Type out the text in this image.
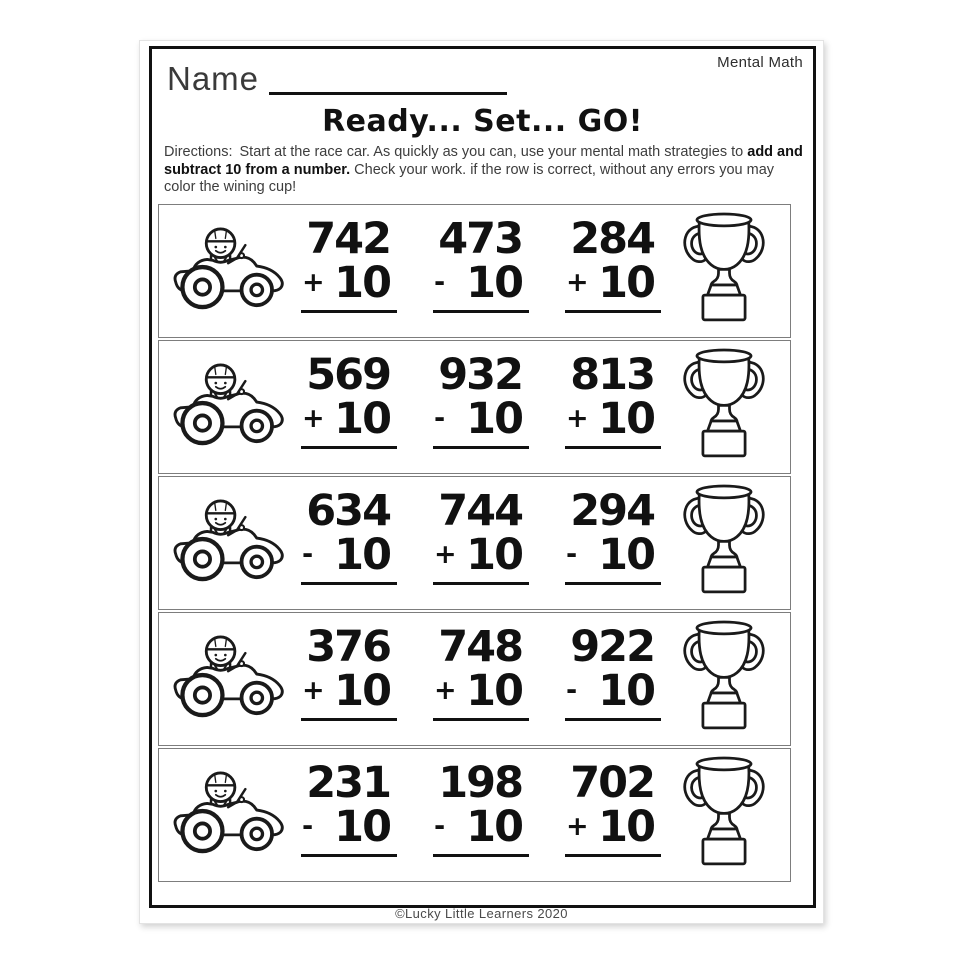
Mental Math
Name
Ready... Set... GO!
Directions: Start at the race car. As quickly as you can, use your mental math strategies to add and subtract 10 from a number. Check your work. if the row is correct, without any errors you may color the wining cup!
742
+ 10
473
- 10
284
+ 10
569
+ 10
932
- 10
813
+ 10
634
- 10
744
+ 10
294
- 10
376
+ 10
748
+ 10
922
- 10
231
- 10
198
- 10
702
+ 10
©Lucky Little Learners 2020
